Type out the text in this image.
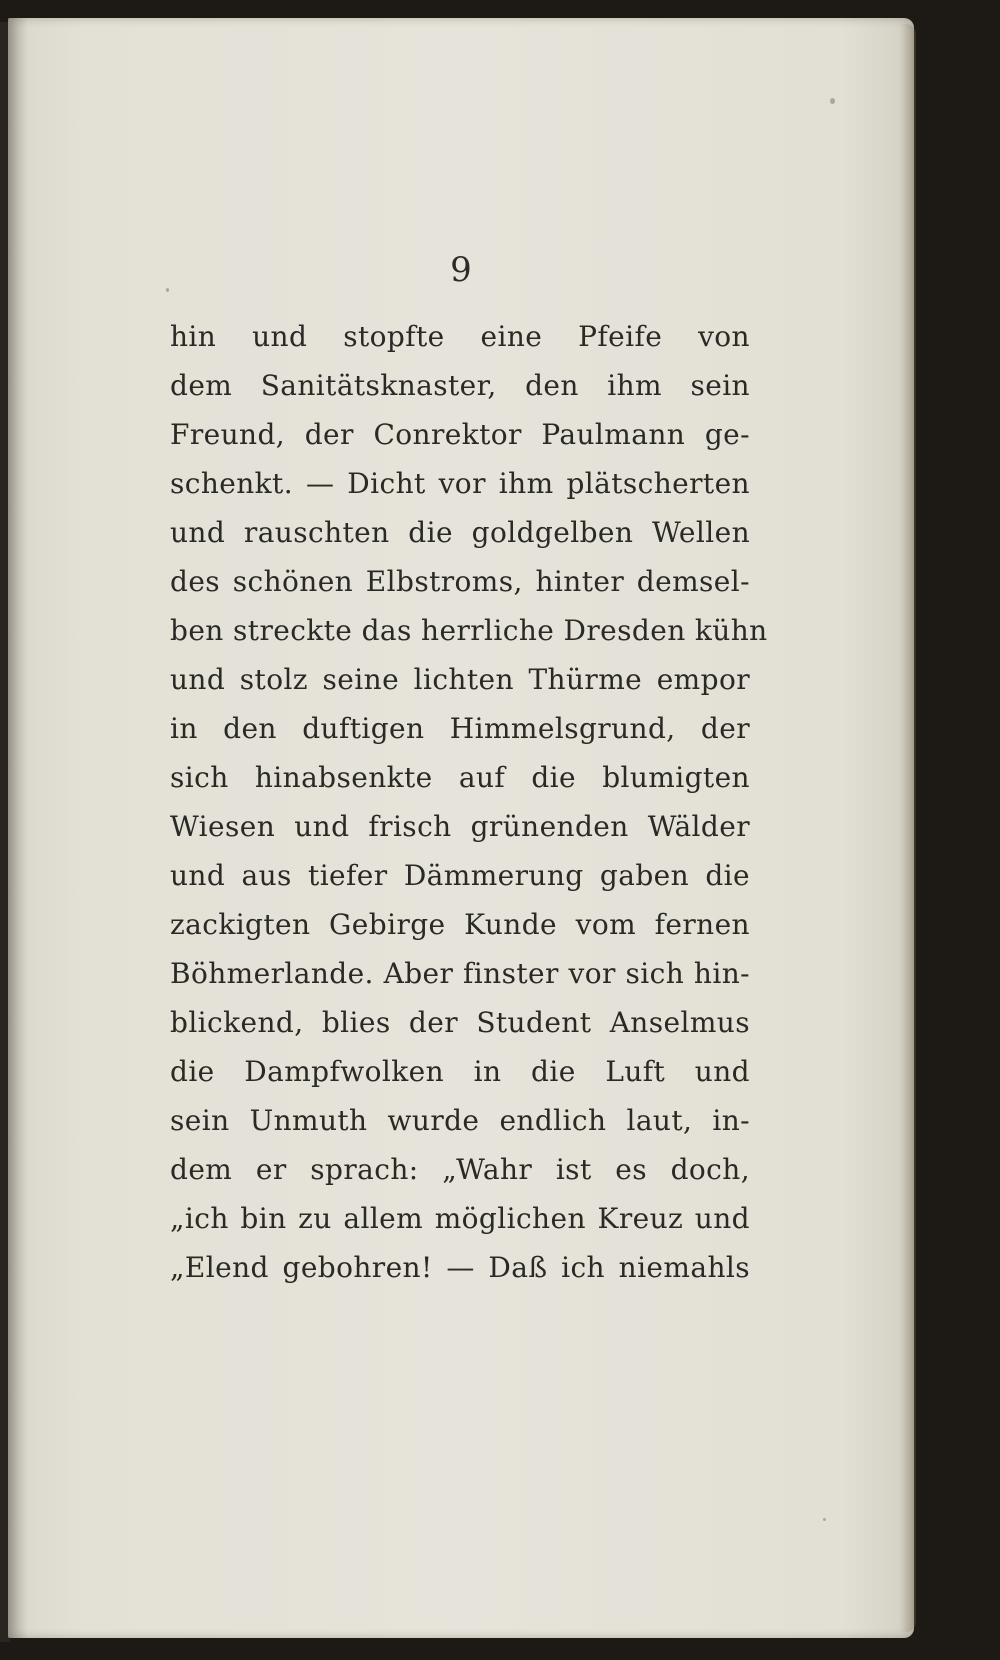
9
hin und stopfte eine Pfeife von
dem Sanitätsknaster, den ihm sein
Freund, der Conrektor Paulmann ge-
schenkt. — Dicht vor ihm plätscherten
und rauschten die goldgelben Wellen
des schönen Elbstroms, hinter demsel-
ben streckte das herrliche Dresden kühn
und stolz seine lichten Thürme empor
in den duftigen Himmelsgrund, der
sich hinabsenkte auf die blumigten
Wiesen und frisch grünenden Wälder
und aus tiefer Dämmerung gaben die
zackigten Gebirge Kunde vom fernen
Böhmerlande. Aber finster vor sich hin-
blickend, blies der Student Anselmus
die Dampfwolken in die Luft und
sein Unmuth wurde endlich laut, in-
dem er sprach: „Wahr ist es doch,
„ich bin zu allem möglichen Kreuz und
„Elend gebohren! — Daß ich niemahls
